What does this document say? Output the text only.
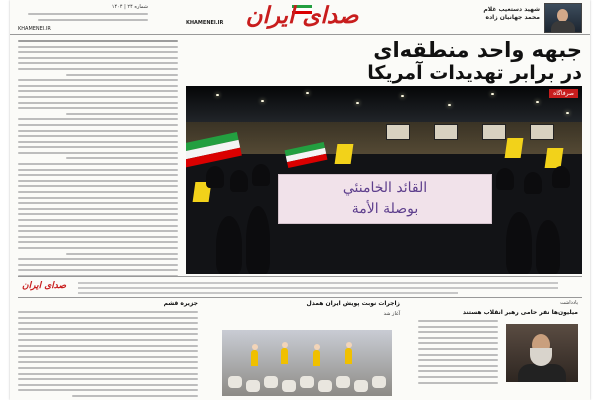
شماره ۲۴ | ۱۴۰۴
KHAMENEI.IR
KHAMENEI.IR صدای ایران	شهید دستغیب غلام
محمد جهانیان زاده
جبهه واحد منطقه‌ای
در برابر تهدیدات آمریکا
القائد الخامنئي
بوصلة الأمة
صرفاگاه
صدای ایران
جزیره قشم	زاجرات نوبت پویش ایران همدل
آغاز شد
یادداشت
میلیون‌ها نفر حامی رهبر انقلاب هستند
